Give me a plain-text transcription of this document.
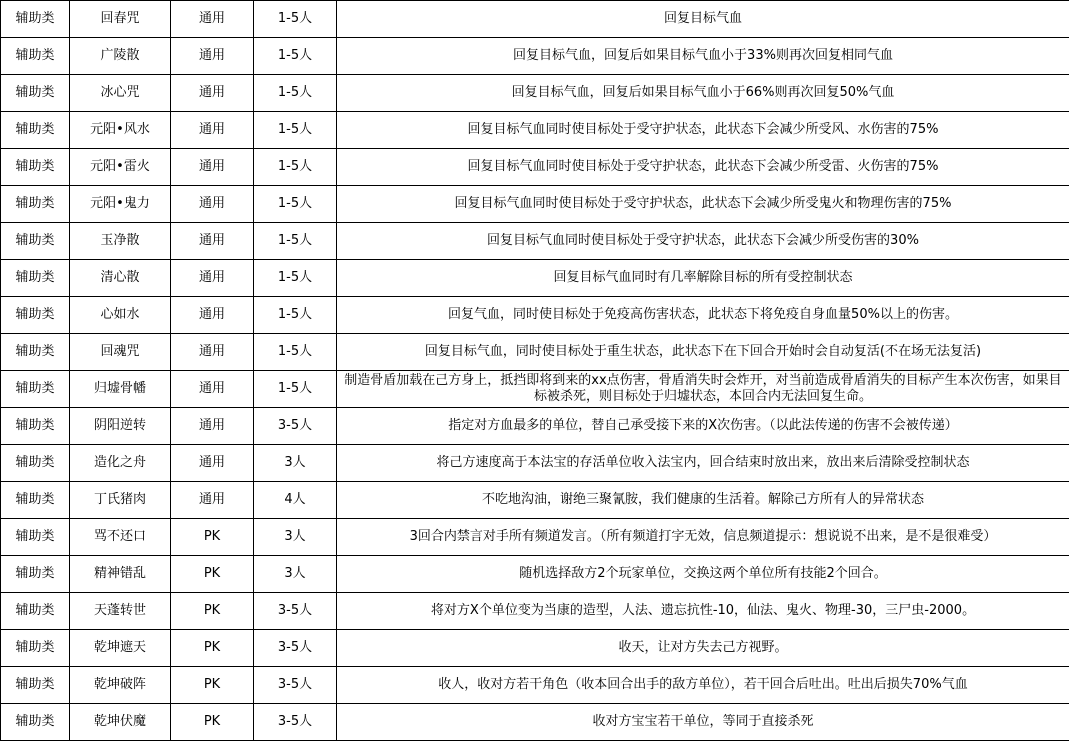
辅助类	回春咒	通用	1-5人	回复目标气血
辅助类	广陵散	通用	1-5人	回复目标气血，回复后如果目标气血小于33%则再次回复相同气血
辅助类	冰心咒	通用	1-5人	回复目标气血，回复后如果目标气血小于66%则再次回复50%气血
辅助类	元阳•风水	通用	1-5人	回复目标气血同时使目标处于受守护状态，此状态下会减少所受风、水伤害的75%
辅助类	元阳•雷火	通用	1-5人	回复目标气血同时使目标处于受守护状态，此状态下会减少所受雷、火伤害的75%
辅助类	元阳•鬼力	通用	1-5人	回复目标气血同时使目标处于受守护状态，此状态下会减少所受鬼火和物理伤害的75%
辅助类	玉净散	通用	1-5人	回复目标气血同时使目标处于受守护状态，此状态下会减少所受伤害的30%
辅助类	清心散	通用	1-5人	回复目标气血同时有几率解除目标的所有受控制状态
辅助类	心如水	通用	1-5人	回复气血，同时使目标处于免疫高伤害状态，此状态下将免疫自身血量50%以上的伤害。
辅助类	回魂咒	通用	1-5人	回复目标气血，同时使目标处于重生状态，此状态下在下回合开始时会自动复活(不在场无法复活)
辅助类	归墟骨幡	通用	1-5人	制造骨盾加载在己方身上，抵挡即将到来的xx点伤害，骨盾消失时会炸开，对当前造成骨盾消失的目标产生本次伤害，如果目标被杀死，则目标处于归墟状态，本回合内无法回复生命。
辅助类	阴阳逆转	通用	3-5人	指定对方血最多的单位，替自己承受接下来的X次伤害。（以此法传递的伤害不会被传递）
辅助类	造化之舟	通用	3人	将己方速度高于本法宝的存活单位收入法宝内，回合结束时放出来，放出来后清除受控制状态
辅助类	丁氏猪肉	通用	4人	不吃地沟油，谢绝三聚氰胺，我们健康的生活着。解除己方所有人的异常状态
辅助类	骂不还口	PK	3人	3回合内禁言对手所有频道发言。（所有频道打字无效，信息频道提示：想说说不出来，是不是很难受）
辅助类	精神错乱	PK	3人	随机选择敌方2个玩家单位，交换这两个单位所有技能2个回合。
辅助类	天蓬转世	PK	3-5人	将对方X个单位变为当康的造型，人法、遗忘抗性-10，仙法、鬼火、物理-30，三尸虫-2000。
辅助类	乾坤遮天	PK	3-5人	收天，让对方失去己方视野。
辅助类	乾坤破阵	PK	3-5人	收人，收对方若干角色（收本回合出手的敌方单位），若干回合后吐出。吐出后损失70%气血
辅助类	乾坤伏魔	PK	3-5人	收对方宝宝若干单位，等同于直接杀死
